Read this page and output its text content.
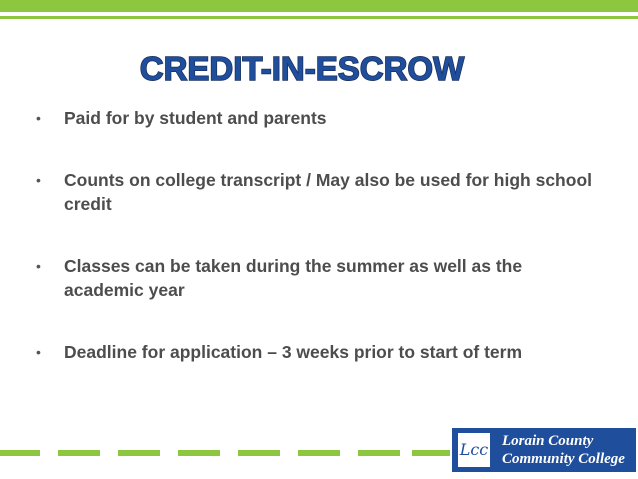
CREDIT-IN-ESCROW
• Paid for by student and parents
• Counts on college transcript / May also be used for high school credit
• Classes can be taken during the summer as well as the academic year
• Deadline for application – 3 weeks prior to start of term
Lcc Lorain County
Community College
